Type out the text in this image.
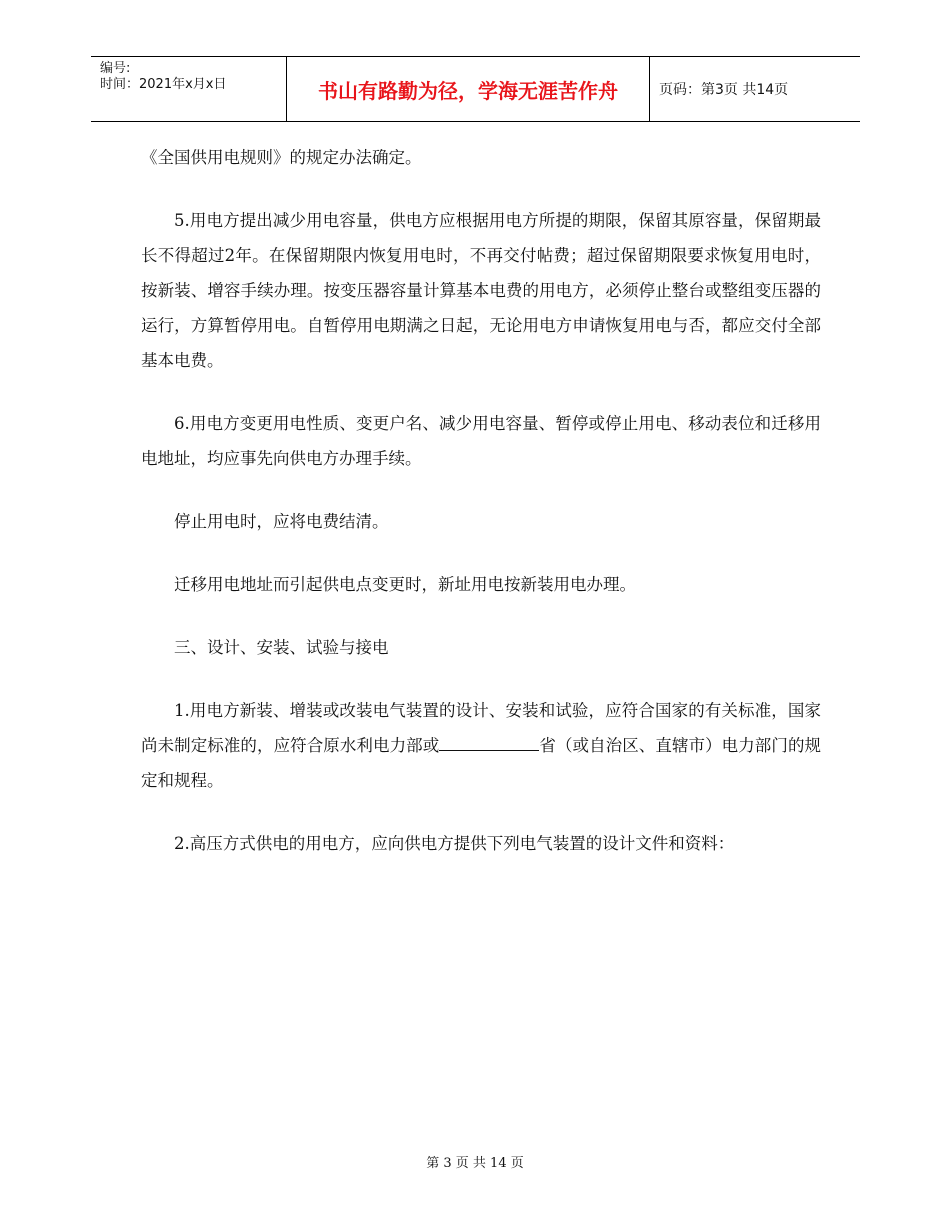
编号:
时间：2021年x月x日	书山有路勤为径，学海无涯苦作舟	页码：第3页 共14页

《全国供用电规则》的规定办法确定。

5.用电方提出减少用电容量，供电方应根据用电方所提的期限，保留其原容量，保留期最长不得超过2年。在保留期限内恢复用电时，不再交付帖费；超过保留期限要求恢复用电时，按新装、增容手续办理。按变压器容量计算基本电费的用电方，必须停止整台或整组变压器的运行，方算暂停用电。自暂停用电期满之日起，无论用电方申请恢复用电与否，都应交付全部基本电费。

6.用电方变更用电性质、变更户名、减少用电容量、暂停或停止用电、移动表位和迁移用电地址，均应事先向供电方办理手续。

停止用电时，应将电费结清。

迁移用电地址而引起供电点变更时，新址用电按新装用电办理。

三、设计、安装、试验与接电

1.用电方新装、增装或改装电气装置的设计、安装和试验，应符合国家的有关标准，国家尚未制定标准的，应符合原水利电力部或	省（或自治区、直辖市）电力部门的规定和规程。

2.高压方式供电的用电方，应向供电方提供下列电气装置的设计文件和资料：

第 3 页 共 14 页
